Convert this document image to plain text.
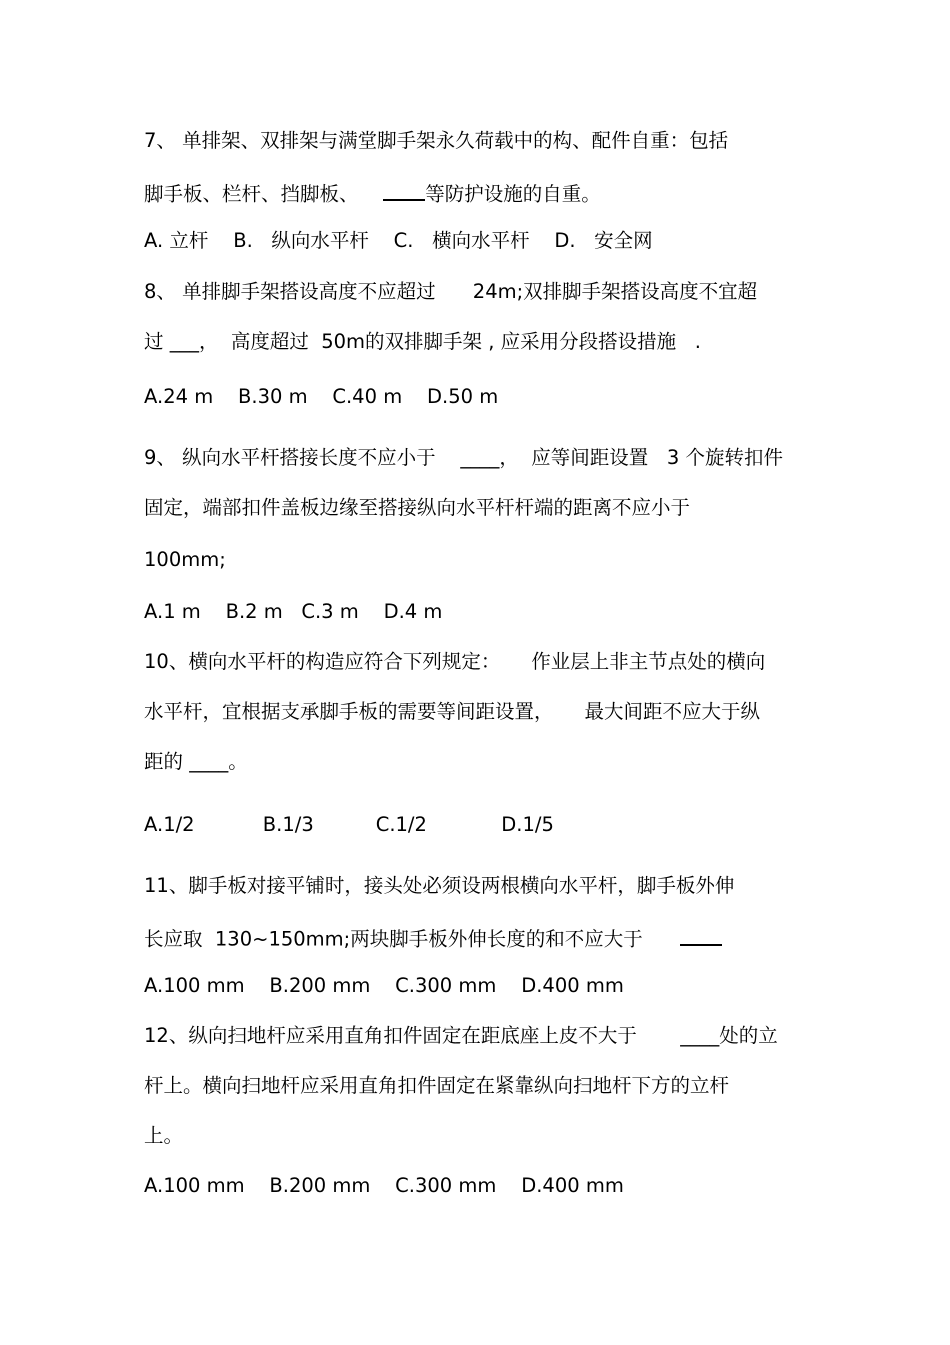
7、 单排架、双排架与满堂脚手架永久荷载中的构、配件自重：包括
脚手板、栏杆、挡脚板、    等防护设施的自重。
A. 立杆    B.   纵向水平杆    C.   横向水平杆    D.   安全网
8、 单排脚手架搭设高度不应超过      24m;双排脚手架搭设高度不宜超
过 ___，  高度超过  50m的双排脚手架 , 应采用分段搭设措施   .
A.24 m    B.30 m    C.40 m    D.50 m
9、 纵向水平杆搭接长度不应小于    ____，  应等间距设置   3 个旋转扣件
固定，端部扣件盖板边缘至搭接纵向水平杆杆端的距离不应小于
100mm;
A.1 m    B.2 m   C.3 m    D.4 m
10、横向水平杆的构造应符合下列规定：     作业层上非主节点处的横向
水平杆，宜根据支承脚手板的需要等间距设置，     最大间距不应大于纵
距的 ____。
A.1/2           B.1/3          C.1/2            D.1/5
11、脚手板对接平铺时，接头处必须设两根横向水平杆，脚手板外伸
长应取  130~150mm;两块脚手板外伸长度的和不应大于
A.100 mm    B.200 mm    C.300 mm    D.400 mm
12、纵向扫地杆应采用直角扣件固定在距底座上皮不大于       ____处的立
杆上。横向扫地杆应采用直角扣件固定在紧靠纵向扫地杆下方的立杆
上。
A.100 mm    B.200 mm    C.300 mm    D.400 mm
